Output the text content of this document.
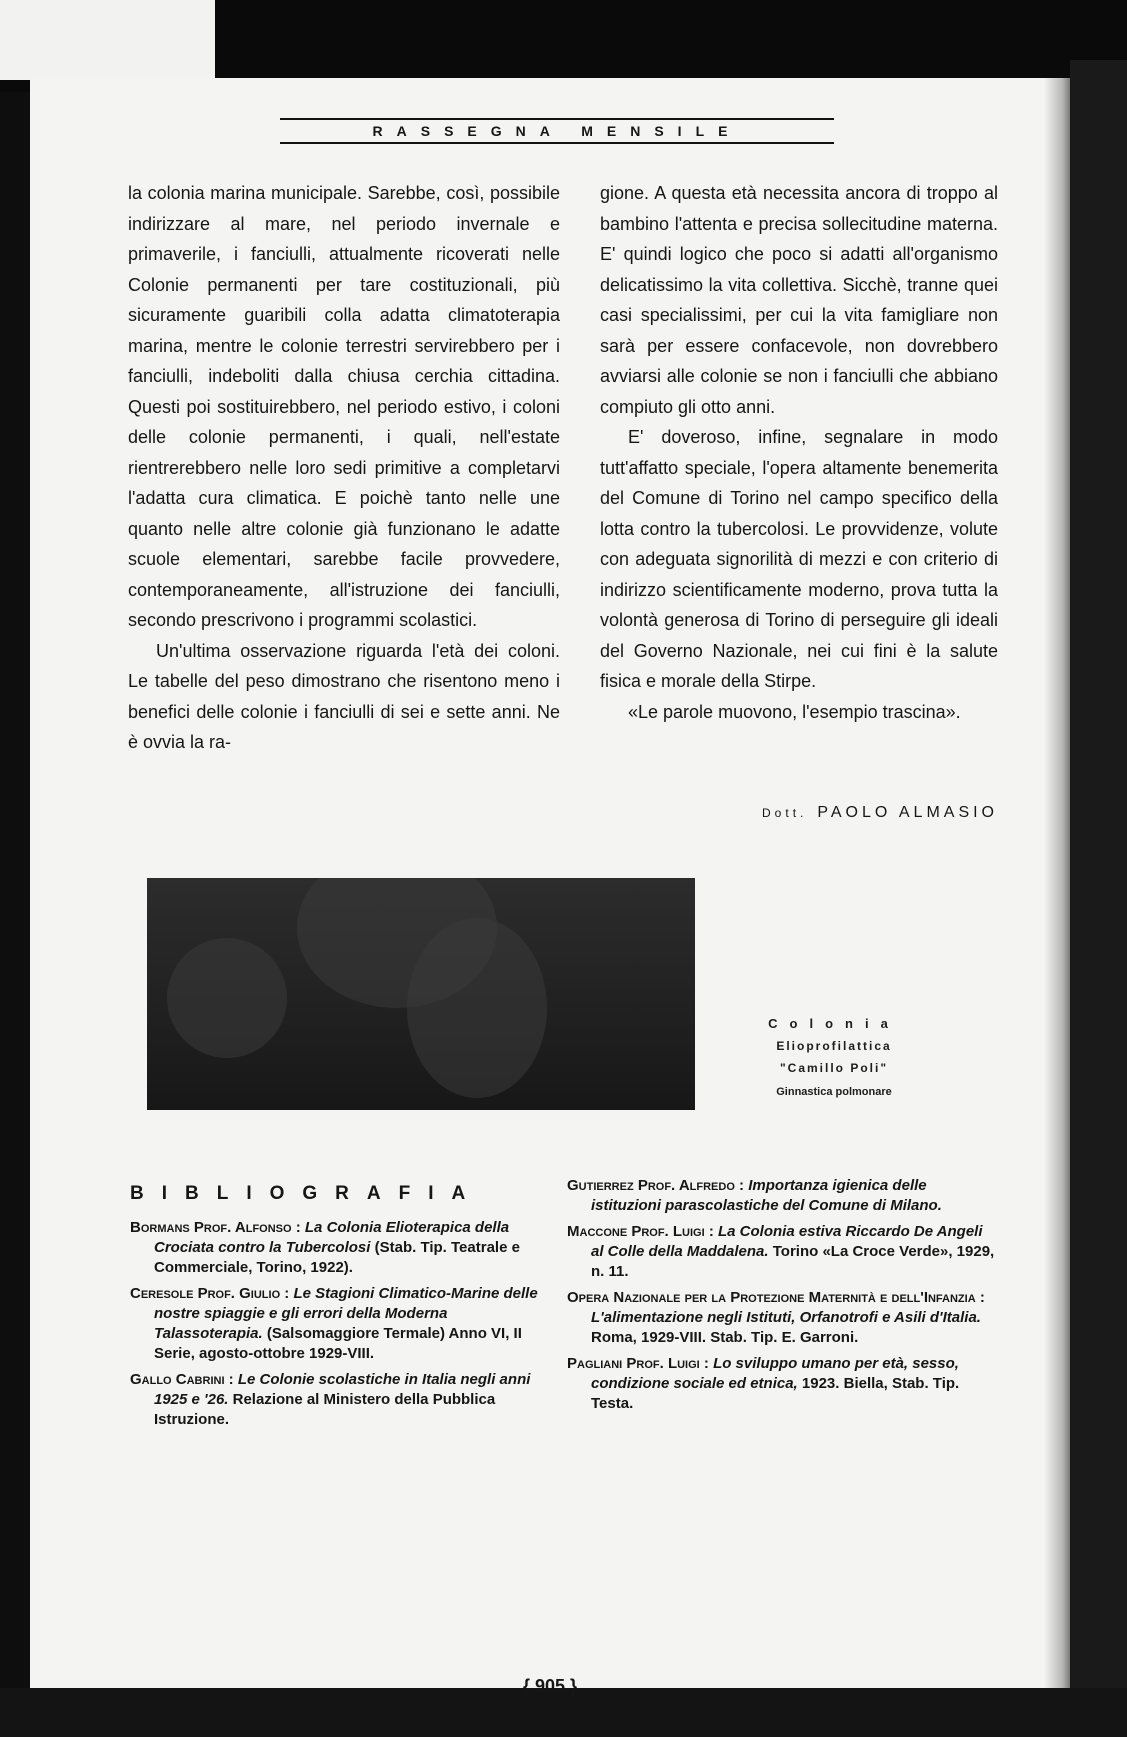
RASSEGNA MENSILE

la colonia marina municipale. Sarebbe, così, possibile indirizzare al mare, nel periodo invernale e primaverile, i fanciulli, attualmente ricoverati nelle Colonie permanenti per tare costituzionali, più sicuramente guaribili colla adatta climatoterapia marina, mentre le colonie terrestri servirebbero per i fanciulli, indeboliti dalla chiusa cerchia cittadina. Questi poi sostituirebbero, nel periodo estivo, i coloni delle colonie permanenti, i quali, nell'estate rientrerebbero nelle loro sedi primitive a completarvi l'adatta cura climatica. E poichè tanto nelle une quanto nelle altre colonie già funzionano le adatte scuole elementari, sarebbe facile provvedere, contemporaneamente, all'istruzione dei fanciulli, secondo prescrivono i programmi scolastici.

Un'ultima osservazione riguarda l'età dei coloni. Le tabelle del peso dimostrano che risentono meno i benefici delle colonie i fanciulli di sei e sette anni. Ne è ovvia la ra-

gione. A questa età necessita ancora di troppo al bambino l'attenta e precisa sollecitudine materna. E' quindi logico che poco si adatti all'organismo delicatissimo la vita collettiva. Sicchè, tranne quei casi specialissimi, per cui la vita famigliare non sarà per essere confacevole, non dovrebbero avviarsi alle colonie se non i fanciulli che abbiano compiuto gli otto anni.

E' doveroso, infine, segnalare in modo tutt'affatto speciale, l'opera altamente benemerita del Comune di Torino nel campo specifico della lotta contro la tubercolosi. Le provvidenze, volute con adeguata signorilità di mezzi e con criterio di indirizzo scientificamente moderno, prova tutta la volontà generosa di Torino di perseguire gli ideali del Governo Nazionale, nei cui fini è la salute fisica e morale della Stirpe.

«Le parole muovono, l'esempio trascina».

Dott. PAOLO ALMASIO
Colonia
Elioprofilattica
"Camillo Poli"
Ginnastica polmonare
BIBLIOGRAFIA

Bormans Prof. Alfonso : La Colonia Elioterapica della Crociata contro la Tubercolosi (Stab. Tip. Teatrale e Commerciale, Torino, 1922).

Ceresole Prof. Giulio : Le Stagioni Climatico-Marine delle nostre spiaggie e gli errori della Moderna Talassoterapia. (Salsomaggiore Termale) Anno VI, II Serie, agosto-ottobre 1929-VIII.

Gallo Cabrini : Le Colonie scolastiche in Italia negli anni 1925 e '26. Relazione al Ministero della Pubblica Istruzione.

Gutierrez Prof. Alfredo : Importanza igienica delle istituzioni parascolastiche del Comune di Milano.

Maccone Prof. Luigi : La Colonia estiva Riccardo De Angeli al Colle della Maddalena. Torino «La Croce Verde», 1929, n. 11.

Opera Nazionale per la Protezione Maternità e dell'Infanzia : L'alimentazione negli Istituti, Orfanotrofi e Asili d'Italia. Roma, 1929-VIII. Stab. Tip. E. Garroni.

Pagliani Prof. Luigi : Lo sviluppo umano per età, sesso, condizione sociale ed etnica, 1923. Biella, Stab. Tip. Testa.

{ 905 }
